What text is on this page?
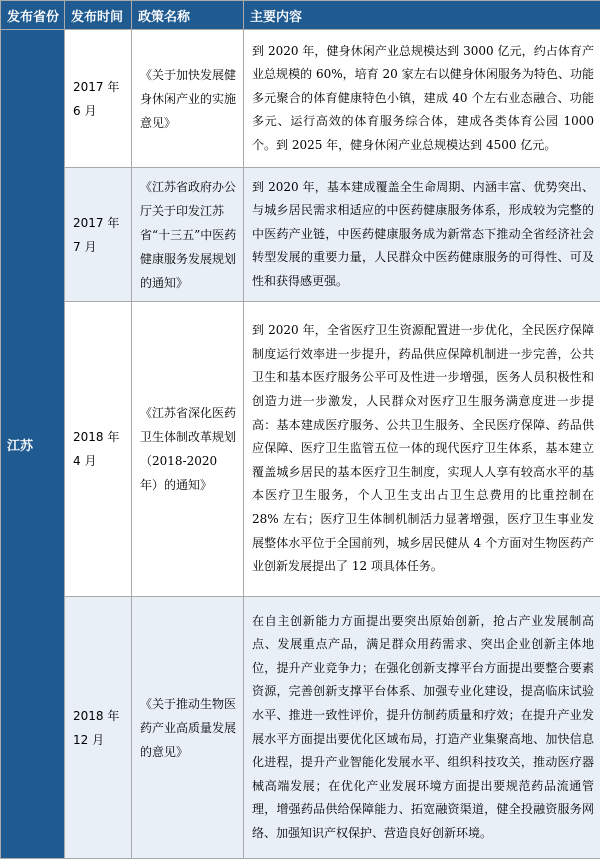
发布省份	发布时间	政策名称	主要内容
江苏	2017 年 6 月	《关于加快发展健身休闲产业的实施意见》	到 2020 年，健身休闲产业总规模达到 3000 亿元，约占体育产业总规模的 60%，培育 20 家左右以健身休闲服务为特色、功能多元聚合的体育健康特色小镇，建成 40 个左右业态融合、功能多元、运行高效的体育服务综合体，建成各类体育公园 1000 个。到 2025 年，健身休闲产业总规模达到 4500 亿元。
	2017 年 7 月	《江苏省政府办公厅关于印发江苏省“十三五”中医药健康服务发展规划的通知》	到 2020 年，基本建成覆盖全生命周期、内涵丰富、优势突出、与城乡居民需求相适应的中医药健康服务体系，形成较为完整的中医药产业链，中医药健康服务成为新常态下推动全省经济社会转型发展的重要力量，人民群众中医药健康服务的可得性、可及性和获得感更强。
	2018 年 4 月	《江苏省深化医药卫生体制改革规划（2018-2020 年）的通知》	到 2020 年，全省医疗卫生资源配置进一步优化，全民医疗保障制度运行效率进一步提升，药品供应保障机制进一步完善，公共卫生和基本医疗服务公平可及性进一步增强，医务人员积极性和创造力进一步激发，人民群众对医疗卫生服务满意度进一步提高：基本建成医疗服务、公共卫生服务、全民医疗保障、药品供应保障、医疗卫生监管五位一体的现代医疗卫生体系，基本建立覆盖城乡居民的基本医疗卫生制度，实现人人享有较高水平的基本医疗卫生服务，个人卫生支出占卫生总费用的比重控制在 28% 左右；医疗卫生体制机制活力显著增强，医疗卫生事业发展整体水平位于全国前列，城乡居民健从 4 个方面对生物医药产业创新发展提出了 12 项具体任务。
	2018 年 12 月	《关于推动生物医药产业高质量发展的意见》	在自主创新能力方面提出要突出原始创新，抢占产业发展制高点、发展重点产品，满足群众用药需求、突出企业创新主体地位，提升产业竞争力；在强化创新支撑平台方面提出要整合要素资源，完善创新支撑平台体系、加强专业化建设，提高临床试验水平、推进一致性评价，提升仿制药质量和疗效；在提升产业发展水平方面提出要优化区域布局，打造产业集聚高地、加快信息化进程，提升产业智能化发展水平、组织科技攻关，推动医疗器械高端发展；在优化产业发展环境方面提出要规范药品流通管理，增强药品供给保障能力、拓宽融资渠道，健全投融资服务网络、加强知识产权保护、营造良好创新环境。
